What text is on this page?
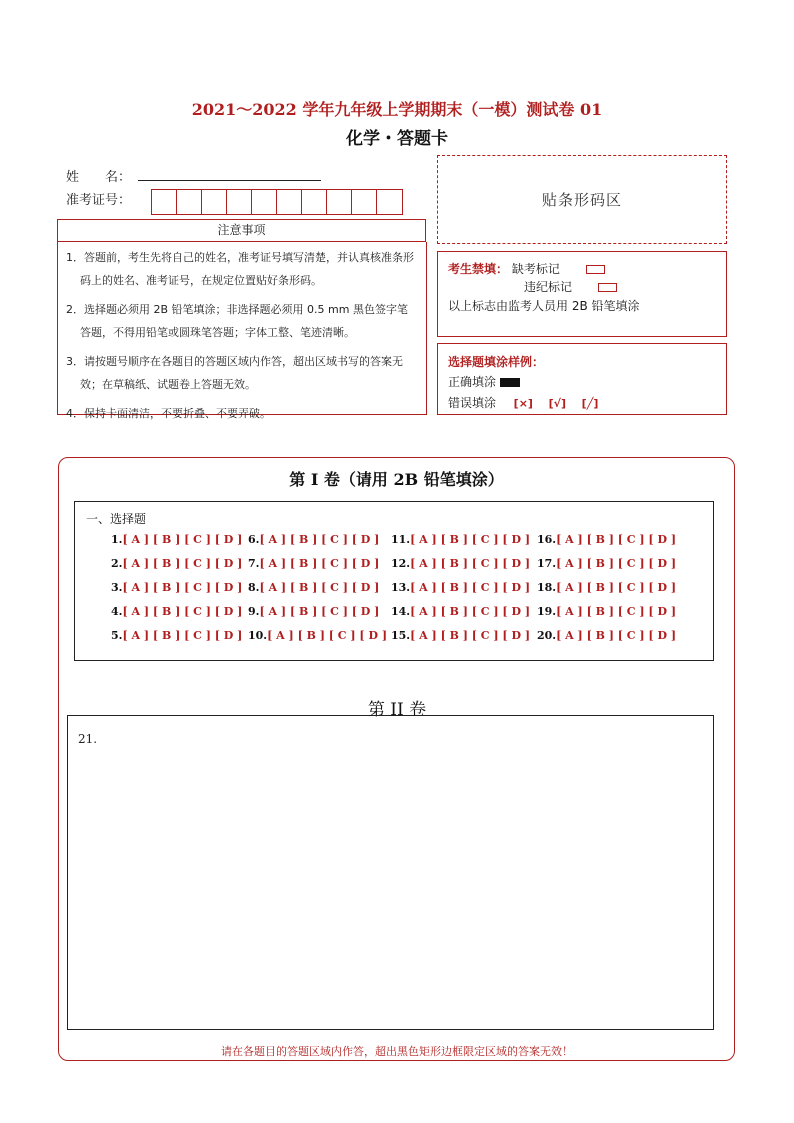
2021～2022 学年九年级上学期期末（一模）测试卷 01
化学・答题卡
姓　　名：
准考证号：	贴条形码区
注意事项
1．答题前，考生先将自己的姓名，准考证号填写清楚，并认真核准条形码上的姓名、准考证号，在规定位置贴好条形码。
2．选择题必须用 2B 铅笔填涂；非选择题必须用 0.5 mm 黑色签字笔答题，不得用铅笔或圆珠笔答题；字体工整、笔迹清晰。
3．请按题号顺序在各题目的答题区域内作答，超出区域书写的答案无效；在草稿纸、试题卷上答题无效。
4．保持卡面清洁，不要折叠、不要弄破。
考生禁填： 缺考标记
违纪标记
以上标志由监考人员用 2B 铅笔填涂
选择题填涂样例：
正确填涂
错误填涂 [×] [√] [╱]
第 I 卷（请用 2B 铅笔填涂）
一、选择题
1.[ A ] [ B ] [ C ] [ D ]
2.[ A ] [ B ] [ C ] [ D ]
3.[ A ] [ B ] [ C ] [ D ]
4.[ A ] [ B ] [ C ] [ D ]
5.[ A ] [ B ] [ C ] [ D ]
6.[ A ] [ B ] [ C ] [ D ]
7.[ A ] [ B ] [ C ] [ D ]
8.[ A ] [ B ] [ C ] [ D ]
9.[ A ] [ B ] [ C ] [ D ]
10.[ A ] [ B ] [ C ] [ D ]
11.[ A ] [ B ] [ C ] [ D ]
12.[ A ] [ B ] [ C ] [ D ]
13.[ A ] [ B ] [ C ] [ D ]
14.[ A ] [ B ] [ C ] [ D ]
15.[ A ] [ B ] [ C ] [ D ]
16.[ A ] [ B ] [ C ] [ D ]
17.[ A ] [ B ] [ C ] [ D ]
18.[ A ] [ B ] [ C ] [ D ]
19.[ A ] [ B ] [ C ] [ D ]
20.[ A ] [ B ] [ C ] [ D ]
第 II 卷
21.
请在各题目的答题区域内作答，超出黑色矩形边框限定区域的答案无效！
